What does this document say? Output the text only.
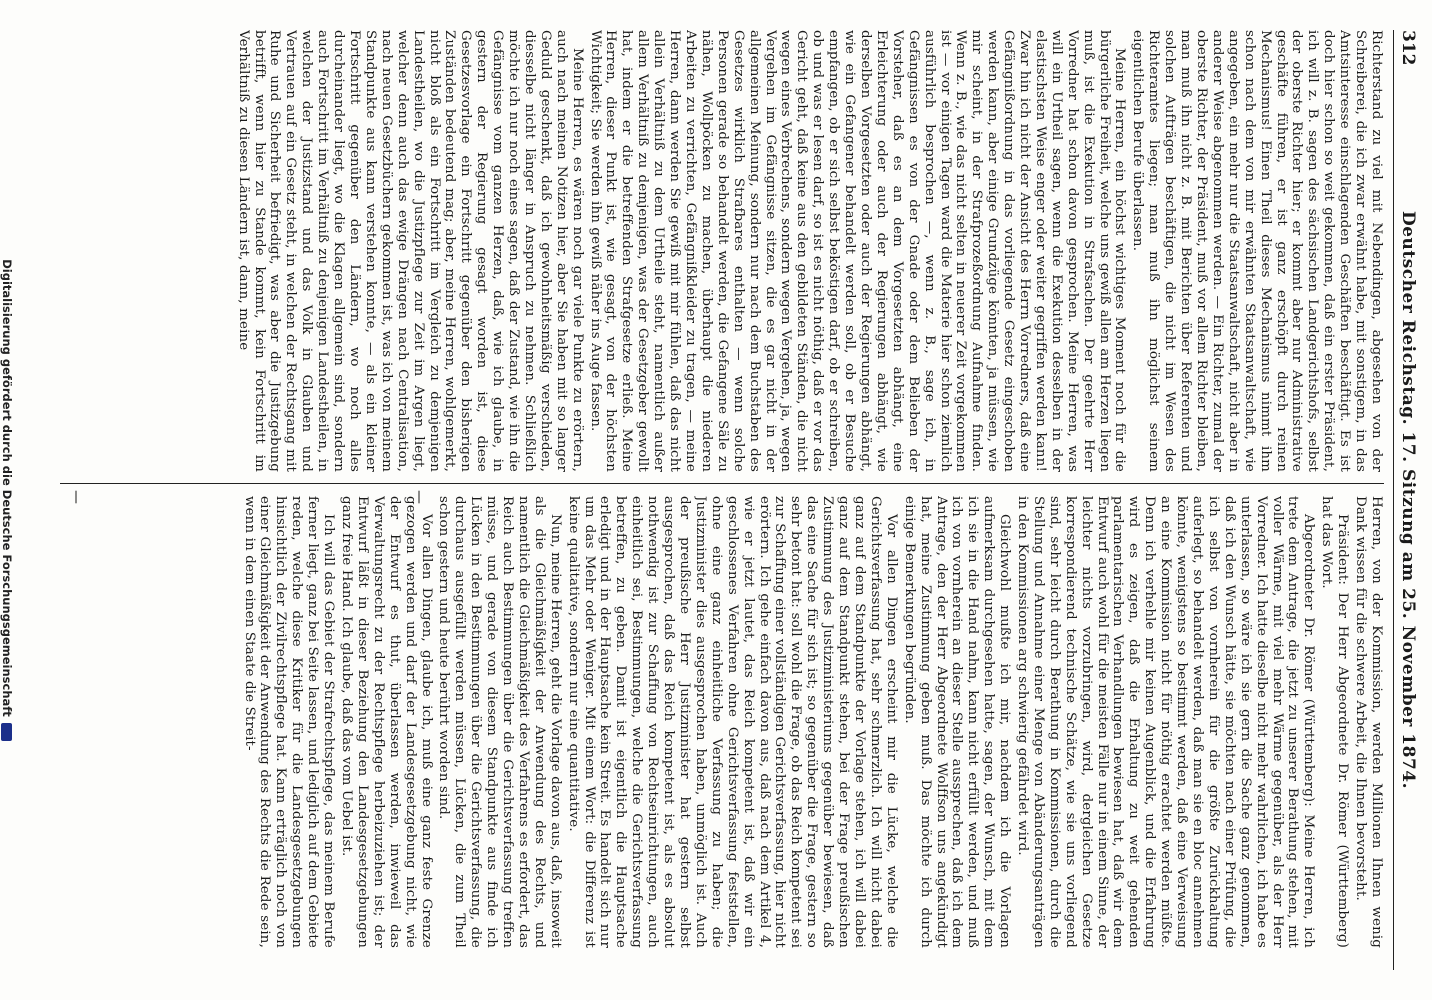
312
Deutscher Reichstag. 17. Sitzung am 25. November 1874.

Richterstand zu viel mit Nebendingen, abgesehen von der Schreiberei, die ich zwar erwähnt habe, mit sonstigem, in das Amtsinteresse einschlagenden Geschäften beschäftigt. Es ist doch hier schon so weit gekommen, daß ein erster Präsident, ich will z. B. sagen des sächsischen Landgerichtshofs, selbst der oberste Richter hier; er kommt aber nur Administrative geschäfte führen, er ist ganz erschöpft durch reinen Mechanismus! Einen Theil dieses Mechanismus nimmt ihm schon nach dem von mir erwähnten Staatsanwaltschaft, wie angegeben, ein mehr nur die Staatsanwaltschaft, nicht aber in anderer Weise abgenommen werden. — Ein Richter, zumal der oberste Richter, der Präsident, muß vor allem Richter bleiben, man muß ihn nicht z. B. mit Berichten über Referenten und solchen Aufträgen beschäftigen, die nicht im Wesen des Richteramtes liegen; man muß ihn möglichst seinem eigentlichen Berufe überlassen.

Meine Herren, ein höchst wichtiges Moment noch für die bürgerliche Freiheit, welche uns gewiß allen am Herzen liegen muß, ist die Exekution in Strafsachen. Der geehrte Herr Vorredner hat schon davon gesprochen. Meine Herren, was will ein Urtheil sagen, wenn die Exekution desselben in der elastischsten Weise enger oder weiter gegriffen werden kann! Zwar hin ich nicht der Ansicht des Herrn Vorredners, daß eine Gefängnißordnung in das vorliegende Gesetz eingeschoben werden kann, aber einige Grundzüge könnten, ja müssen, wie mir scheint, in der Strafprozeßordnung Aufnahme finden. Wenn z. B., wie das nicht selten in neuerer Zeit vorgekommen ist — vor einigen Tagen ward die Materie hier schon ziemlich ausführlich besprochen —, wenn z. B., sage ich, in Gefängnissen es von der Gnade oder dem Belieben der Vorsteher, daß es an dem Vorgesetzten abhängt, eine Erleichterung oder auch der Regierungen abhängt, wie derselben Vorgesetzten oder auch der Regierungen abhängt, wie ein Gefangener behandelt werden soll, ob er Besuche empfangen, ob er sich selbst beköstigen darf, ob er schreiben, ob und was er lesen darf, so ist es nicht nöthig, daß er vor das Gericht geht, daß keine aus den gebildeten Ständen, die nicht wegen eines Verbrechens, sondern wegen Vergehen, ja, wegen Vergehen im Gefängnisse sitzen, die es gar nicht in der allgemeinen Meinung, sondern nur nach dem Buchstaben des Gesetzes wirklich Strafbares enthalten — wenn solche Personen gerade so behandelt werden, die Gefangene Säle zu nähen, Wollpöcken zu machen, überhaupt die niederen Arbeiten zu verrichten, Gefängnißkleider zu tragen, — meine Herren, dann werden Sie gewiß mit mir fühlen, daß das nicht allein Verhältniß zu dem Urtheile steht, namentlich außer allem Verhältniß zu demjenigen, was der Gesetzgeber gewollt hat, indem er die betreffenden Strafgesetze erließ. Meine Herren, dieser Punkt ist, wie gesagt, von der höchsten Wichtigkeit; Sie werden ihn gewiß näher ins Auge fassen.

Meine Herren, es wären noch gar viele Punkte zu erörtern, auch nach meinen Notizen hier, aber Sie haben mit so langer Geduld geschenkt, daß ich gewohnheitsmäßig verschieden, diesselbe nicht länger in Anspruch zu nehmen. Schließlich möchte ich nur noch eines sagen, daß der Zustand, wie ihn die Gefängnisse vom ganzen Herzen, daß, wie ich glaube, in gestern der Regierung gesagt worden ist, diese Gesetzesvorlage ein Fortschritt gegenüber den bisherigen Zuständen bedeutend mag; aber, meine Herren, wohlgemerkt, nicht bloß als ein Fortschritt im Vergleich zu demjenigen Landestheilen, wo die Justizpflege zur Zeit im Argen liegt, welcher denn auch das ewige Drängen nach Centralisation, nach neuen Gesetzbüchern gekommen ist, was ich von meinem Standpunkte aus kann verstehen konnte, — als ein kleiner Fortschritt gegenüber den Ländern, wo noch alles durcheinander liegt, wo die Klagen allgemein sind, sondern auch Fortschritt im Verhältniß zu denjenigen Landestheilen, in welchen der Justizstand und das Volk in Glauben und Vertrauen auf ein Gesetz steht, in welchen der Rechtsgang mit Ruhe und Sicherheit befriedigt, was aber die Justizgebung betrifft, wenn hier zu Stande kommt, kein Fortschritt im Verhältniß zu diesen Ländern ist, dann, meine

Herren, von der Kommission, werden Millionen Ihnen wenig Dank wissen für die schwere Arbeit, die Ihnen bevorsteht.

Präsident: Der Herr Abgeordnete Dr. Römer (Württemberg) hat das Wort.

Abgeordneter Dr. Römer (Württemberg): Meine Herren, ich trete dem Antrage, die jetzt zu unserer Berathung stehen, mit voller Wärme, mit viel mehr Wärme gegenüber, als der Herr Vorredner. Ich hatte dieselbe nicht mehr wahrlichen, ich habe es unterlassen, so wäre ich sie gern die Sache ganz genommen, daß ich den Wunsch hätte, sie möchten nach einer Prüfung, die ich selbst von vornherein für die größte Zurückhaltung auferlegt, so behandelt werden, daß man sie en bloc annehmen könnte, wenigstens so bestimmt werden, daß eine Verweisung an eine Kommission nicht für nöthig erachtet werden müßte. Denn ich verhehle mir keinen Augenblick, und die Erfahrung wird es zeigen, daß die Erhaltung zu weit gehenden parlamentarischen Verhandlungen bewiesen hat, daß wir dem Entwurf auch wohl für die meisten Fälle nur in einem Sinne, der leichter nichts vorzubringen, wird, dergleichen Gesetze korrespondierend technische Schätze, wie sie uns vorliegend sind, sehr leicht durch Berathung in Kommissionen, durch die Stellung und Annahme einer Menge von Abänderungsanträgen in den Kommissionen arg schwierig gefährdet wird.

Gleichwohl mußte ich mir, nachdem ich die Vorlagen aufmerksam durchgesehen hatte, sagen, der Wunsch, mit dem ich sie in die Hand nahm, kann nicht erfüllt werden, und muß ich von vornherein an dieser Stelle aussprechen, daß ich dem Antrage, den der Herr Abgeordnete Wolffson uns angekündigt hat, meine Zustimmung geben muß. Das möchte ich durch einige Bemerkungen begründen.

Vor allen Dingen erscheint mir die Lücke, welche die Gerichtsverfassung hat, sehr schmerzlich. Ich will nicht dabei ganz auf dem Standpunkte der Vorlage stehen, ich will dabei ganz auf dem Standpunkt stehen, bei der Frage preußischen Zustimmung des Justizministeriums gegenüber bewiesen, daß das eine Sache für sich ist; so gegenüber die Frage, gestern so sehr betont hat: soll wohl die Frage, ob das Reich kompetent sei zur Schaffung einer vollständigen Gerichtsverfassung, hier nicht erörtern. Ich gehe einfach davon aus, daß nach dem Artikel 4, wie er jetzt lautet, das Reich kompetent ist, daß wir ein geschlossenes Verfahren ohne Gerichtsverfassung feststellen, ohne eine ganz einheitliche Verfassung zu haben; die Justizminister dies ausgesprochen haben, unmöglich ist. Auch der preußische Herr Justizminister hat gestern selbst ausgesprochen, daß das Reich kompetent ist, als es absolut nothwendig ist zur Schaffung von Rechtseinrichtungen, auch einheitlich sei, Bestimmungen, welche die Gerichtsverfassung betreffen, zu geben. Damit ist eigentlich die Hauptsache erledigt und in der Hauptsache kein Streit. Es handelt sich nur um das Mehr oder Weniger. Mit einem Wort: die Differenz ist keine qualitative, sondern nur eine quantitative.

Nun, meine Herren, geht die Vorlage davon aus, daß, insoweit als die Gleichmäßigkeit der Anwendung des Rechts, und namentlich die Gleichmäßigkeit des Verfahrens es erfordert, das Reich auch Bestimmungen über die Gerichtsverfassung treffen müsse, und gerade von diesem Standpunkte aus finde ich Lücken in den Bestimmungen über die Gerichtsverfassung, die durchaus ausgefüllt werden müssen, Lücken, die zum Theil schon gestern und heute berührt worden sind.

Vor allen Dingen, glaube ich, muß eine ganz feste Grenze gezogen werden und darf der Landesgesetzgebung nicht, wie der Entwurf es thut, überlassen werden, inwieweil das Verwaltungsrecht zu der Rechtspflege herbeizuziehen ist; der Entwurf läßt in dieser Beziehung den Landesgesetzgebungen ganz freie Hand. Ich glaube, daß das vom Uebel ist.

Ich will das Gebiet der Strafrechtspflege, das meinem Berufe ferner liegt, ganz bei Seite lassen, und lediglich auf dem Gebiete reden, welche diese Kritiker für die Landesgesetzgebungen hinsichtlich der Zivilrechtspflege hat. Kann erträglich noch von einer Gleichmäßigkeit der Anwendung des Rechts die Rede sein, wenn in dem einen Staate die Streit-	—
—
Digitalisierung gefördert durch die Deutsche Forschungsgemeinschaft
